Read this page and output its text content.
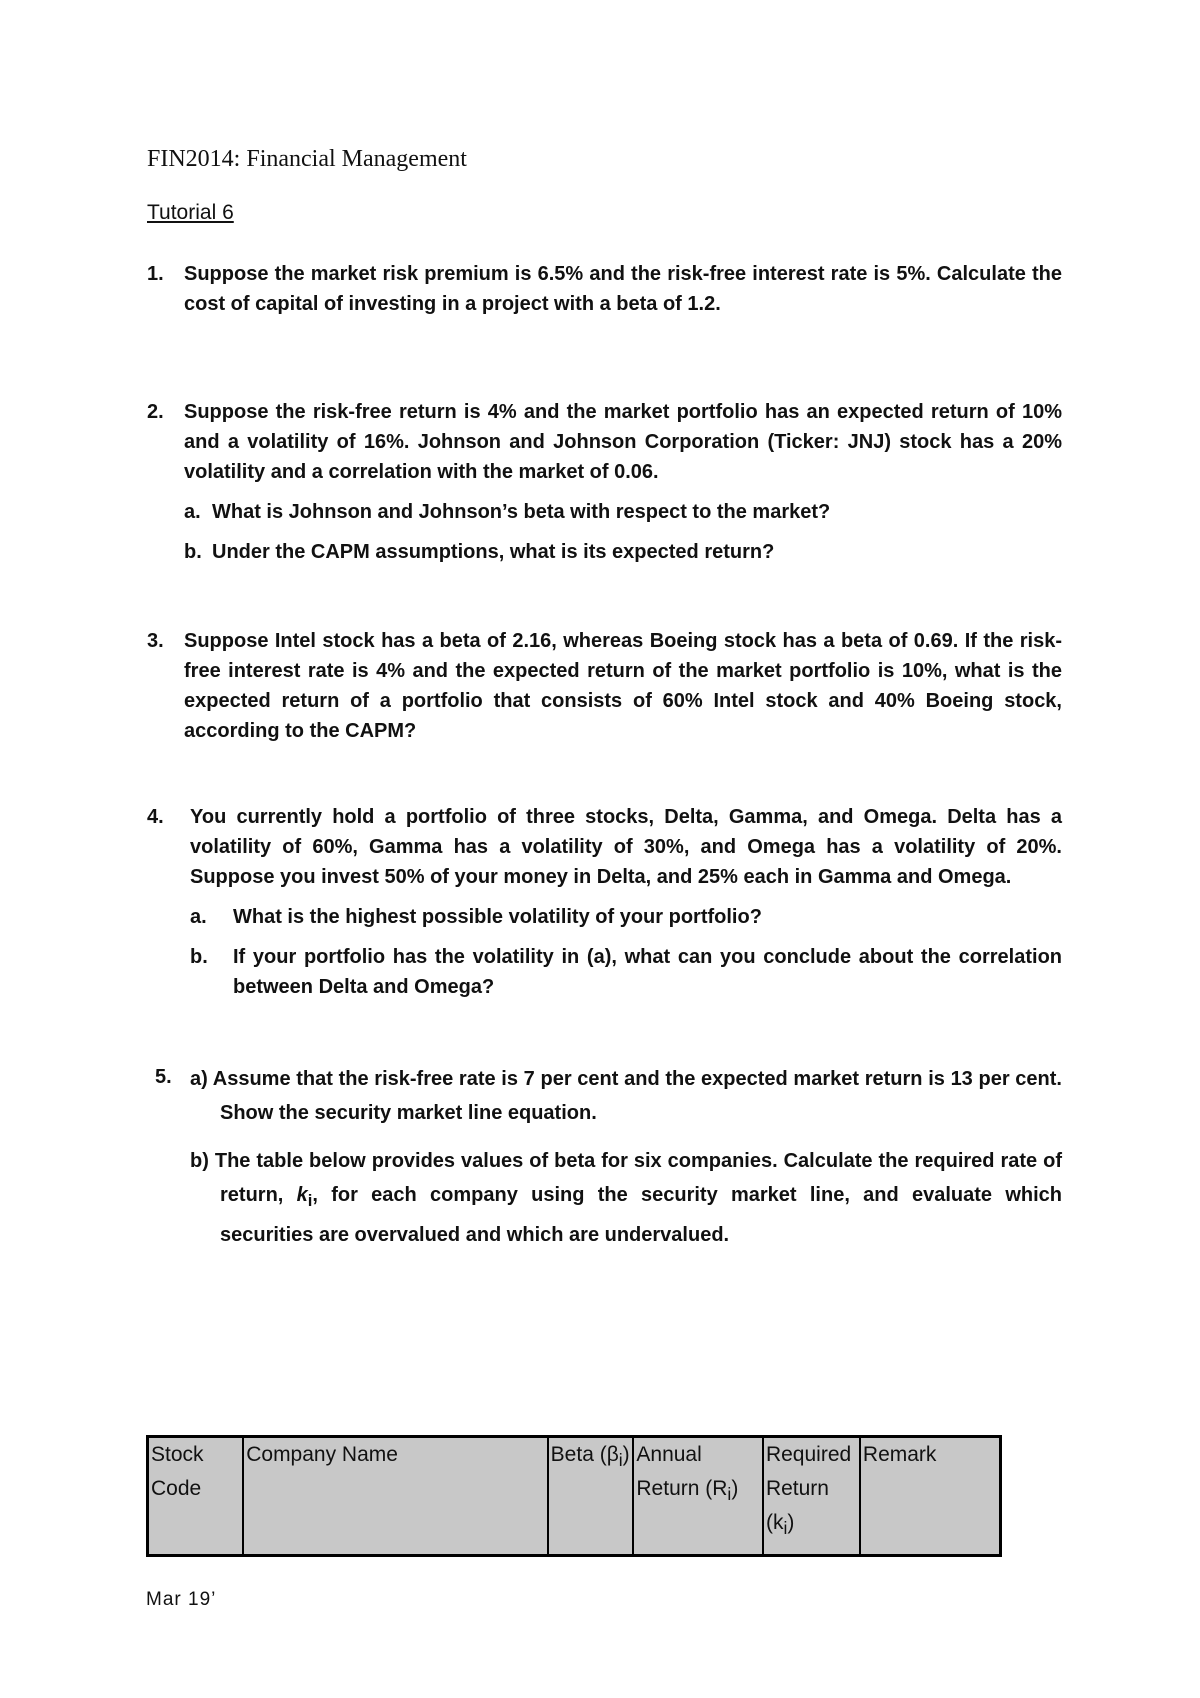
FIN2014: Financial Management
Tutorial 6
1. Suppose the market risk premium is 6.5% and the risk-free interest rate is 5%. Calculate the cost of capital of investing in a project with a beta of 1.2.
2. Suppose the risk-free return is 4% and the market portfolio has an expected return of 10% and a volatility of 16%. Johnson and Johnson Corporation (Ticker: JNJ) stock has a 20% volatility and a correlation with the market of 0.06.
a. What is Johnson and Johnson’s beta with respect to the market?
b. Under the CAPM assumptions, what is its expected return?
3. Suppose Intel stock has a beta of 2.16, whereas Boeing stock has a beta of 0.69. If the risk-free interest rate is 4% and the expected return of the market portfolio is 10%, what is the expected return of a portfolio that consists of 60% Intel stock and 40% Boeing stock, according to the CAPM?
4. You currently hold a portfolio of three stocks, Delta, Gamma, and Omega. Delta has a volatility of 60%, Gamma has a volatility of 30%, and Omega has a volatility of 20%. Suppose you invest 50% of your money in Delta, and 25% each in Gamma and Omega.
a. What is the highest possible volatility of your portfolio?
b. If your portfolio has the volatility in (a), what can you conclude about the correlation between Delta and Omega?
5. a) Assume that the risk-free rate is 7 per cent and the expected market return is 13 per cent. Show the security market line equation.
b) The table below provides values of beta for six companies. Calculate the required rate of return, $k_i$, for each company using the security market line, and evaluate which securities are overvalued and which are undervalued.
Stock Code	Company Name	Beta $(\beta_i)$	Annual Return $(R_i)$	Required Return $(k_i)$	Remark
Mar 19’
